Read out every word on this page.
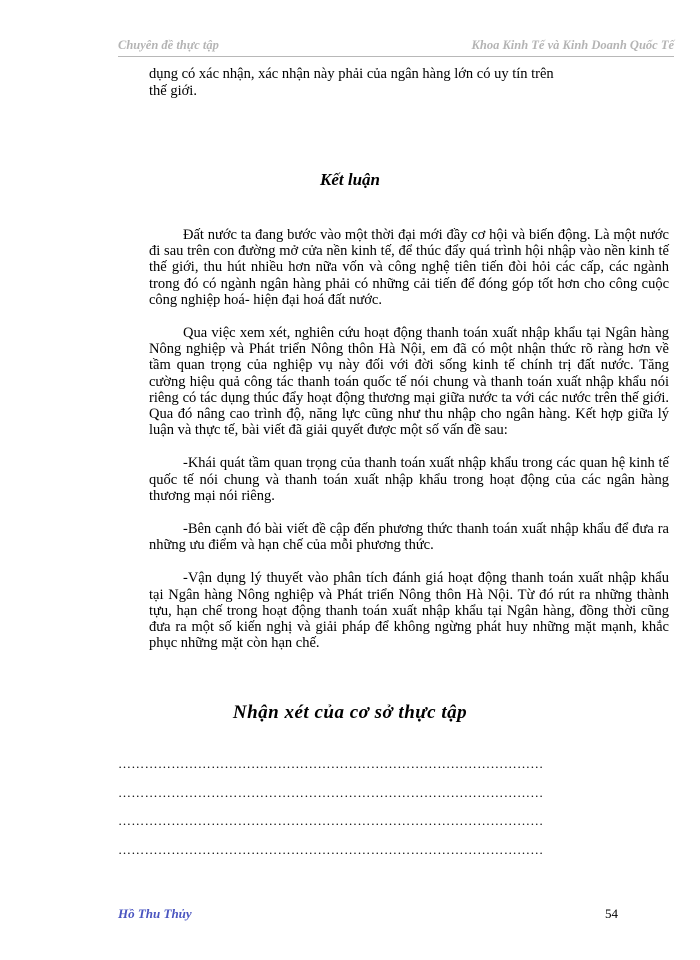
Chuyên đề thực tập	Khoa Kinh Tế và Kinh Doanh Quốc Tế

dụng có xác nhận, xác nhận này phải của ngân hàng lớn có uy tín trên

thế giới.

Kết luận

Đất nước ta đang bước vào một thời đại mới đầy cơ hội và biến động. Là một nước đi sau trên con đường mở cửa nền kinh tế, để thúc đẩy quá trình hội nhập vào nền kinh tế thế giới, thu hút nhiều hơn nữa vốn và công nghệ tiên tiến đòi hỏi các cấp, các ngành trong đó có ngành ngân hàng phải có những cải tiến để đóng góp tốt hơn cho công cuộc công nghiệp hoá- hiện đại hoá đất nước.

Qua việc xem xét, nghiên cứu hoạt động thanh toán xuất nhập khẩu tại Ngân hàng Nông nghiệp và Phát triển Nông thôn Hà Nội, em đã có một nhận thức rõ ràng hơn về tầm quan trọng của nghiệp vụ này đối với đời sống kinh tế chính trị đất nước. Tăng cường hiệu quả công tác thanh toán quốc tế nói chung và thanh toán xuất nhập khẩu nói riêng có tác dụng thúc đẩy hoạt động thương mại giữa nước ta với các nước trên thế giới. Qua đó nâng cao trình độ, năng lực cũng như thu nhập cho ngân hàng. Kết hợp giữa lý luận và thực tế, bài viết đã giải quyết được một số vấn đề sau:

-Khái quát tầm quan trọng của thanh toán xuất nhập khẩu trong các quan hệ kinh tế quốc tế nói chung và thanh toán xuất nhập khẩu trong hoạt động của các ngân hàng thương mại nói riêng.

-Bên cạnh đó bài viết đề cập đến phương thức thanh toán xuất nhập khẩu để đưa ra những ưu điểm và hạn chế của mỗi phương thức.

-Vận dụng lý thuyết vào phân tích đánh giá hoạt động thanh toán xuất nhập khẩu tại Ngân hàng Nông nghiệp và Phát triển Nông thôn Hà Nội. Từ đó rút ra những thành tựu, hạn chế trong hoạt động thanh toán xuất nhập khẩu tại Ngân hàng, đồng thời cũng đưa ra một số kiến nghị và giải pháp để không ngừng phát huy những mặt mạnh, khắc phục những mặt còn hạn chế.

Nhận xét của cơ sở thực tập
……………………………………………………………………………………
……………………………………………………………………………………
……………………………………………………………………………………
……………………………………………………………………………………
Hồ Thu Thủy	54
